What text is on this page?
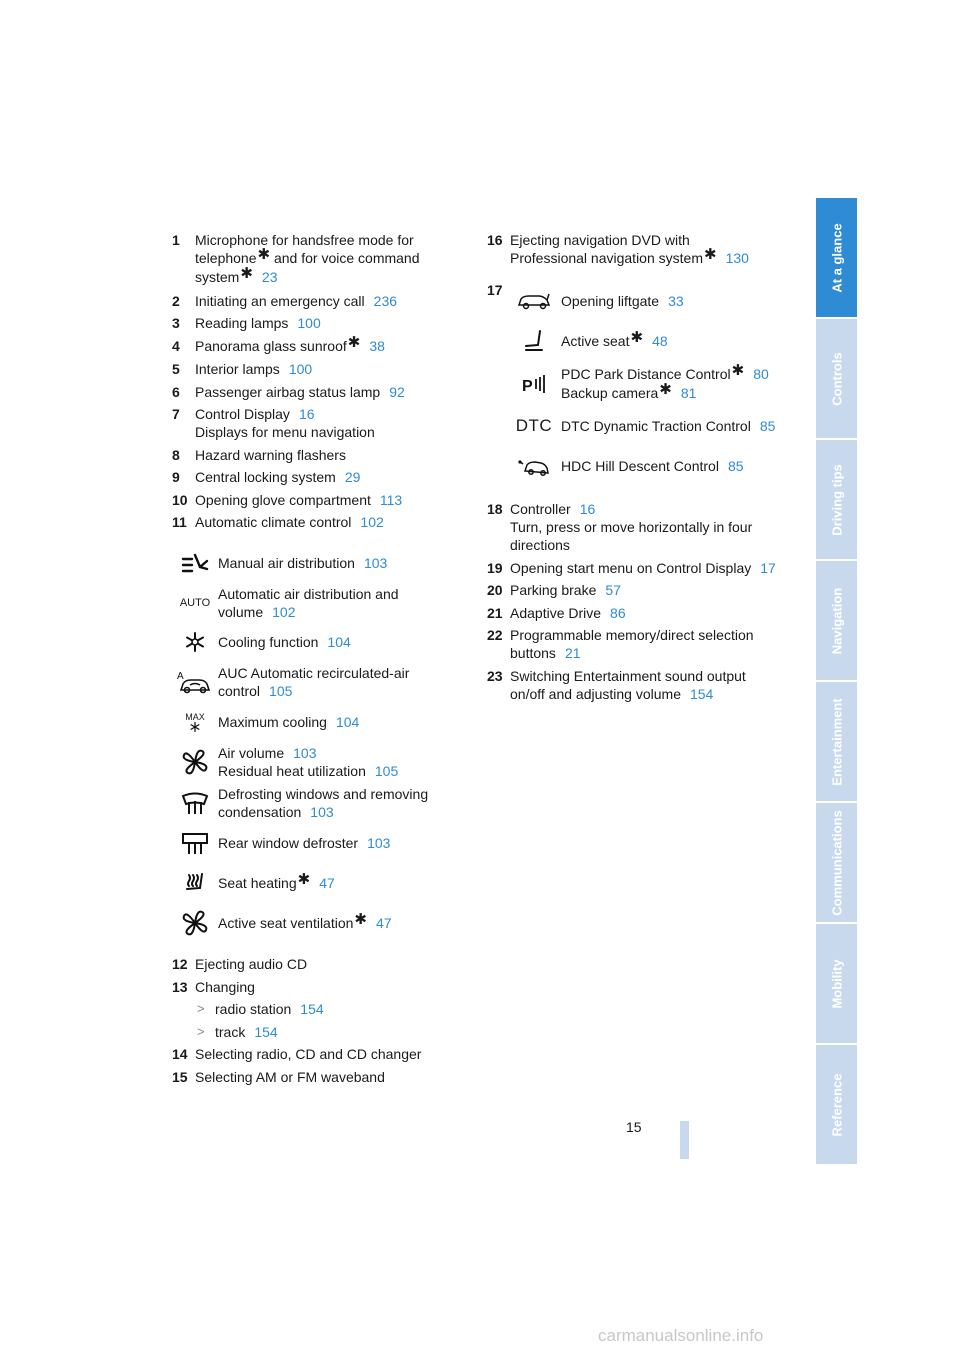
1 Microphone for handsfree mode for
telephone✱ and for voice command
system✱ 23
2 Initiating an emergency call 236
3 Reading lamps 100
4 Panorama glass sunroof✱ 38
5 Interior lamps 100
6 Passenger airbag status lamp 92
7 Control Display 16
Displays for menu navigation
8 Hazard warning flashers
9 Central locking system 29
10 Opening glove compartment 113
11 Automatic climate control 102
Manual air distribution 103
AUTO
Automatic air distribution and
volume 102
Cooling function 104
A AUC Automatic recirculated-air
control 105
MAX Maximum cooling 104
Air volume 103
Residual heat utilization 105
Defrosting windows and removing
condensation 103
Rear window defroster 103
Seat heating✱ 47
Active seat ventilation✱ 47
12 Ejecting audio CD
13 Changing
> radio station 154
> track 154
14 Selecting radio, CD and CD changer
15 Selecting AM or FM waveband
16 Ejecting navigation DVD with
Professional navigation system✱ 130
17
Opening liftgate 33
Active seat✱ 48
P
PDC Park Distance Control✱ 80
Backup camera✱ 81
DTC DTC Dynamic Traction Control 85
HDC Hill Descent Control 85
18 Controller 16
Turn, press or move horizontally in four
directions
19 Opening start menu on Control Display 17
20 Parking brake 57
21 Adaptive Drive 86
22 Programmable memory/direct selection
buttons 21
23 Switching Entertainment sound output
on/off and adjusting volume 154
15
At a glance
Controls
Driving tips
Navigation
Entertainment
Communications
Mobility
Reference
carmanualsonline.info
